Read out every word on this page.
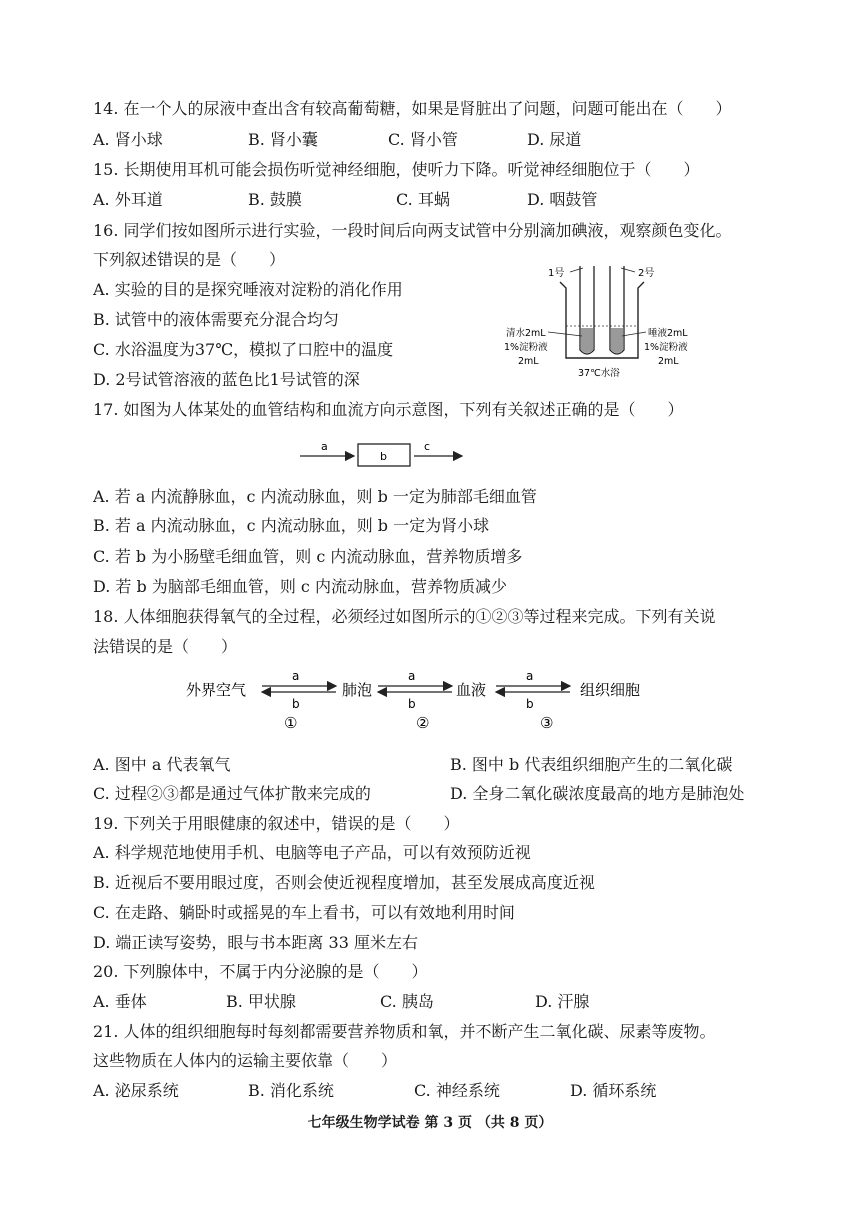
14. 在一个人的尿液中查出含有较高葡萄糖，如果是肾脏出了问题，问题可能出在（　　）
A. 肾小球	B. 肾小囊	C. 肾小管	D. 尿道
15. 长期使用耳机可能会损伤听觉神经细胞，使听力下降。听觉神经细胞位于（　　）
A. 外耳道	B. 鼓膜	C. 耳蜗	D. 咽鼓管
16. 同学们按如图所示进行实验，一段时间后向两支试管中分别滴加碘液，观察颜色变化。
下列叙述错误的是（　　）
A. 实验的目的是探究唾液对淀粉的消化作用
B. 试管中的液体需要充分混合均匀
C. 水浴温度为37℃，模拟了口腔中的温度
D. 2号试管溶液的蓝色比1号试管的深
1号	2号
清水2mL
1%淀粉液
2mL
唾液2mL
1%淀粉液
2mL
37℃水浴
17. 如图为人体某处的血管结构和血流方向示意图，下列有关叙述正确的是（　　）
a
b
c
A. 若 a 内流静脉血，c 内流动脉血，则 b 一定为肺部毛细血管
B. 若 a 内流动脉血，c 内流动脉血，则 b 一定为肾小球
C. 若 b 为小肠壁毛细血管，则 c 内流动脉血，营养物质增多
D. 若 b 为脑部毛细血管，则 c 内流动脉血，营养物质减少
18. 人体细胞获得氧气的全过程，必须经过如图所示的①②③等过程来完成。下列有关说
法错误的是（　　）
外界空气	肺泡	血液	组织细胞
a
b
①
a
b
②
a
b
③
A. 图中 a 代表氧气	B. 图中 b 代表组织细胞产生的二氧化碳
C. 过程②③都是通过气体扩散来完成的	D. 全身二氧化碳浓度最高的地方是肺泡处
19. 下列关于用眼健康的叙述中，错误的是（　　）
A. 科学规范地使用手机、电脑等电子产品，可以有效预防近视
B. 近视后不要用眼过度，否则会使近视程度增加，甚至发展成高度近视
C. 在走路、躺卧时或摇晃的车上看书，可以有效地利用时间
D. 端正读写姿势，眼与书本距离 33 厘米左右
20. 下列腺体中，不属于内分泌腺的是（　　）
A. 垂体	B. 甲状腺	C. 胰岛	D. 汗腺
21. 人体的组织细胞每时每刻都需要营养物质和氧，并不断产生二氧化碳、尿素等废物。
这些物质在人体内的运输主要依靠（　　）
A. 泌尿系统	B. 消化系统	C. 神经系统	D. 循环系统
七年级生物学试卷 第 3 页 （共 8 页）
